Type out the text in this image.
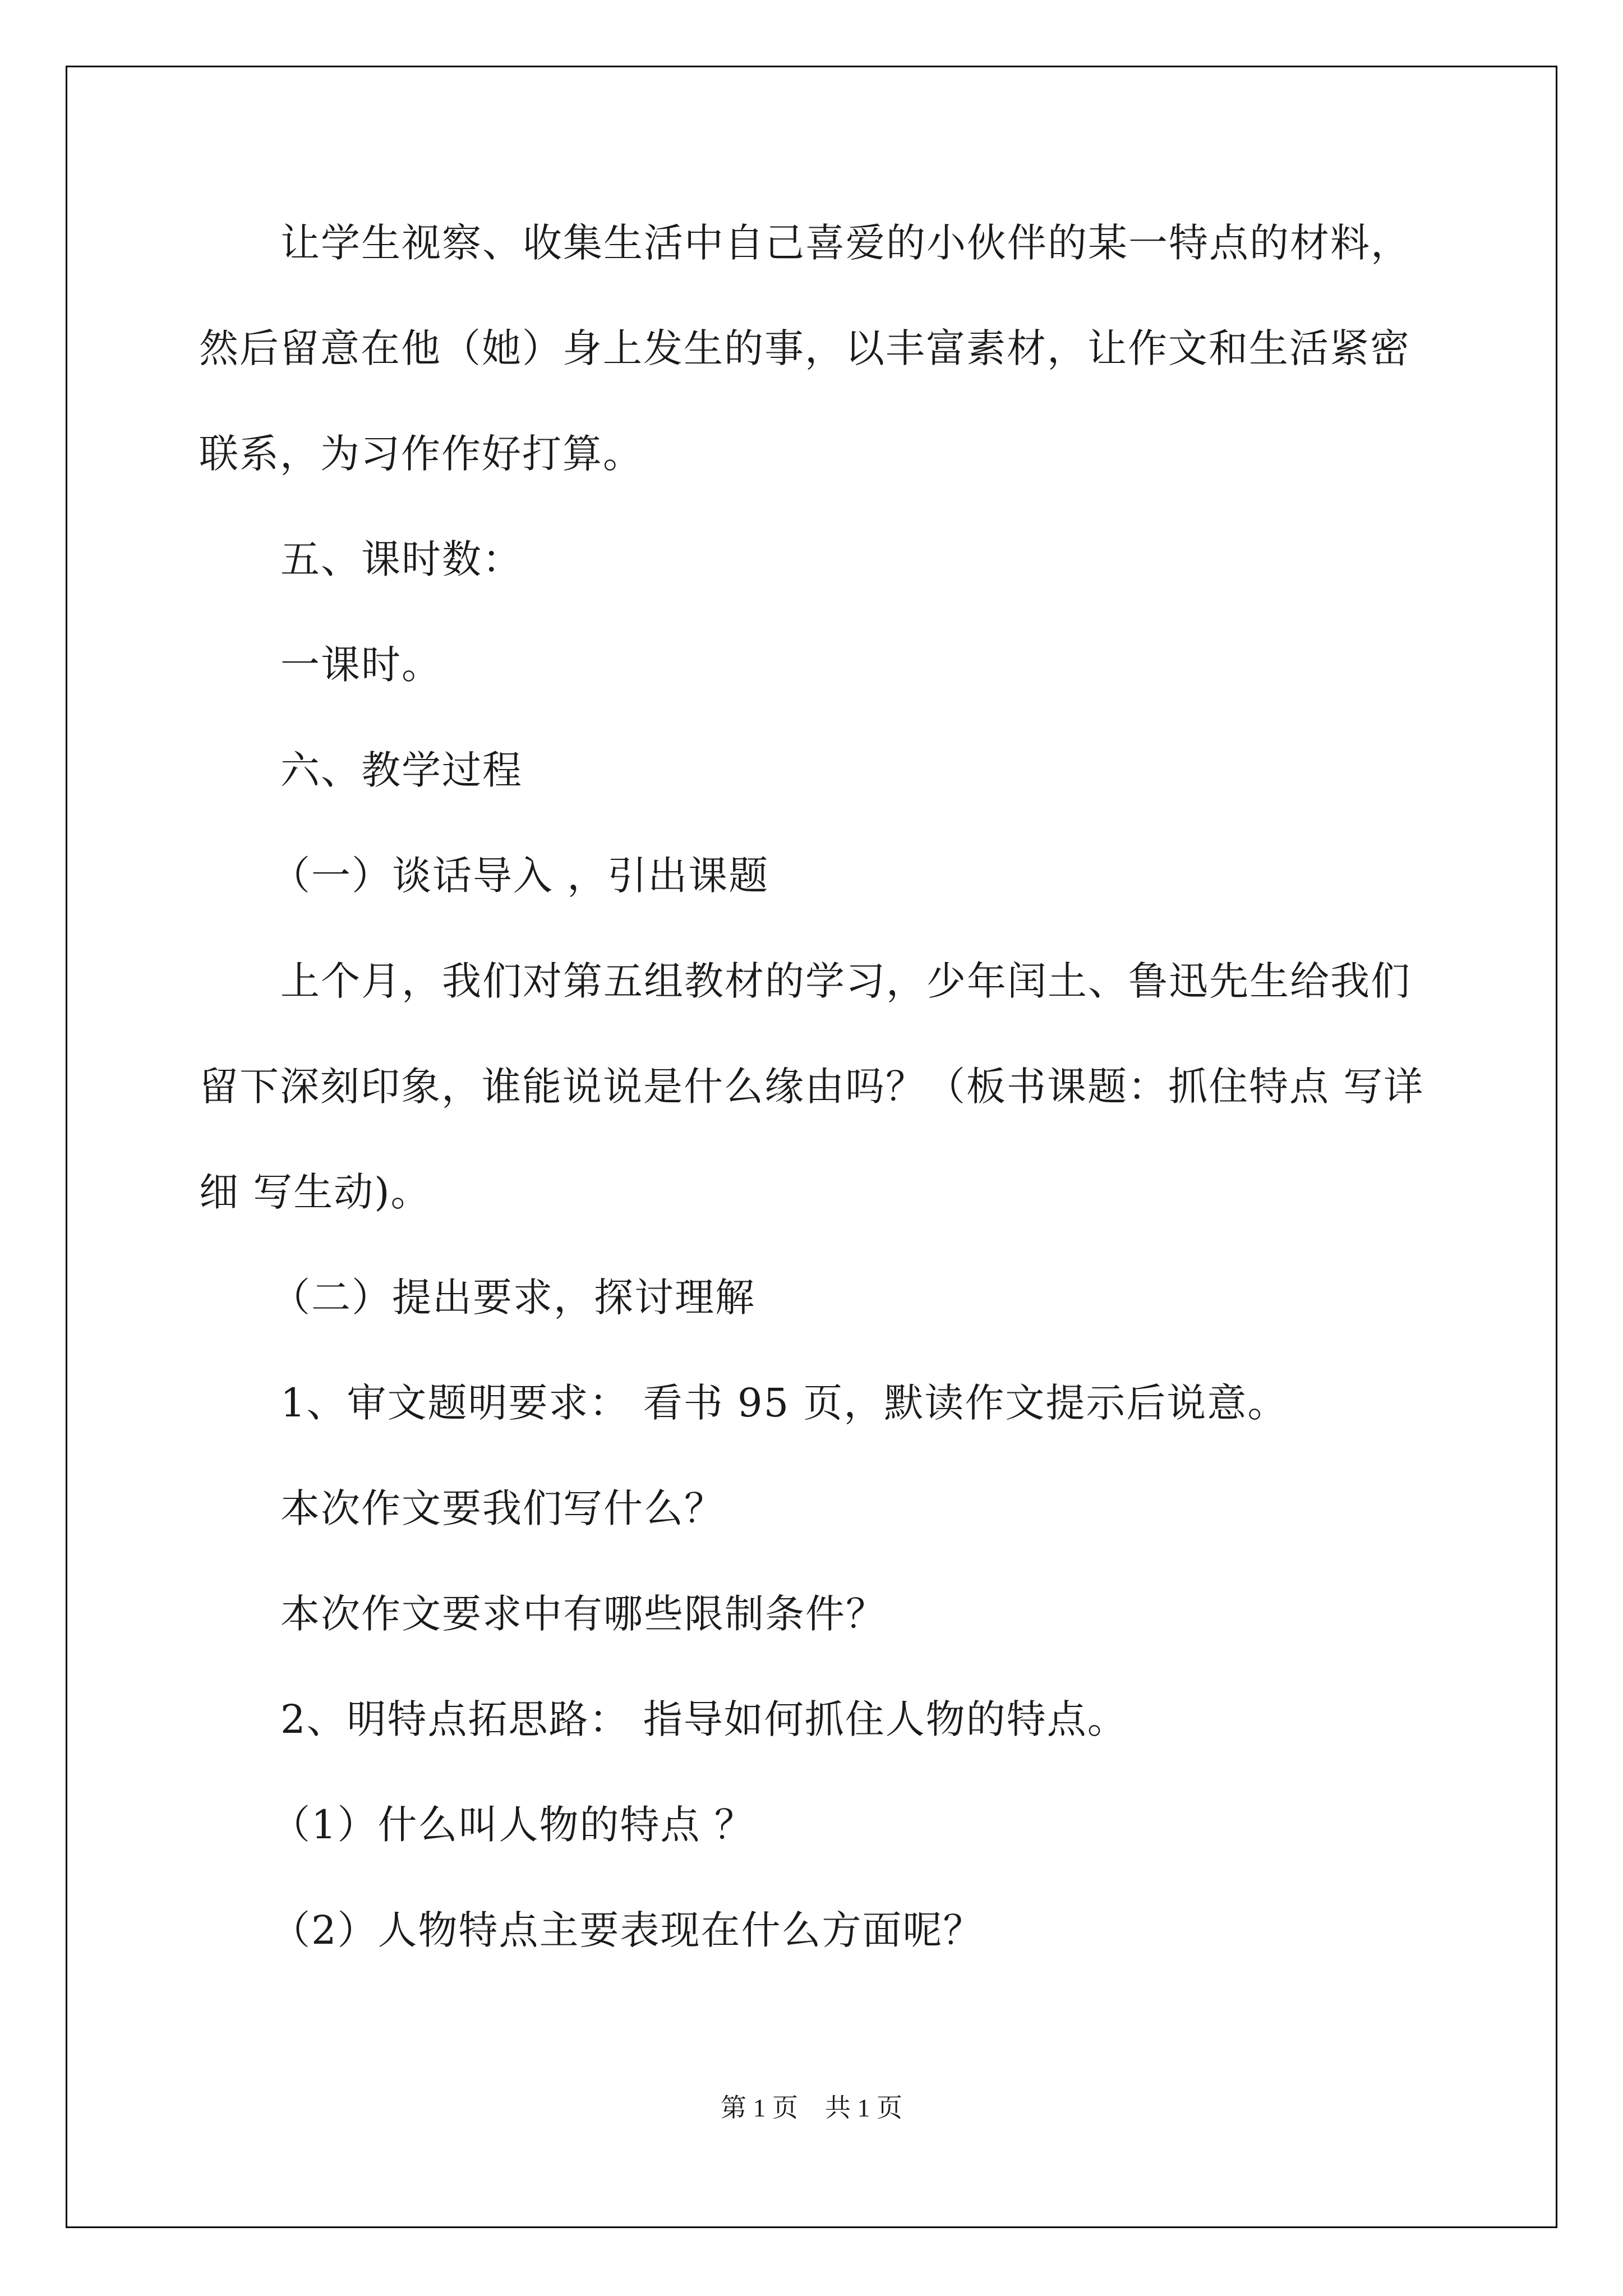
让学生视察、收集生活中自己喜爱的小伙伴的某一特点的材料，
然后留意在他（她）身上发生的事，以丰富素材，让作文和生活紧密
联系，为习作作好打算。
五、课时数：
一课时。
六、教学过程
（一）谈话导入 ，引出课题
上个月，我们对第五组教材的学习，少年闰土、鲁迅先生给我们
留下深刻印象，谁能说说是什么缘由吗？（板书课题：抓住特点 写详
细 写生动)。
（二）提出要求，探讨理解
1、审文题明要求： 看书 95 页，默读作文提示后说意。
本次作文要我们写什么？
本次作文要求中有哪些限制条件？
2、明特点拓思路： 指导如何抓住人物的特点。
（1）什么叫人物的特点 ？
（2）人物特点主要表现在什么方面呢？
第 1 页 共 1 页
